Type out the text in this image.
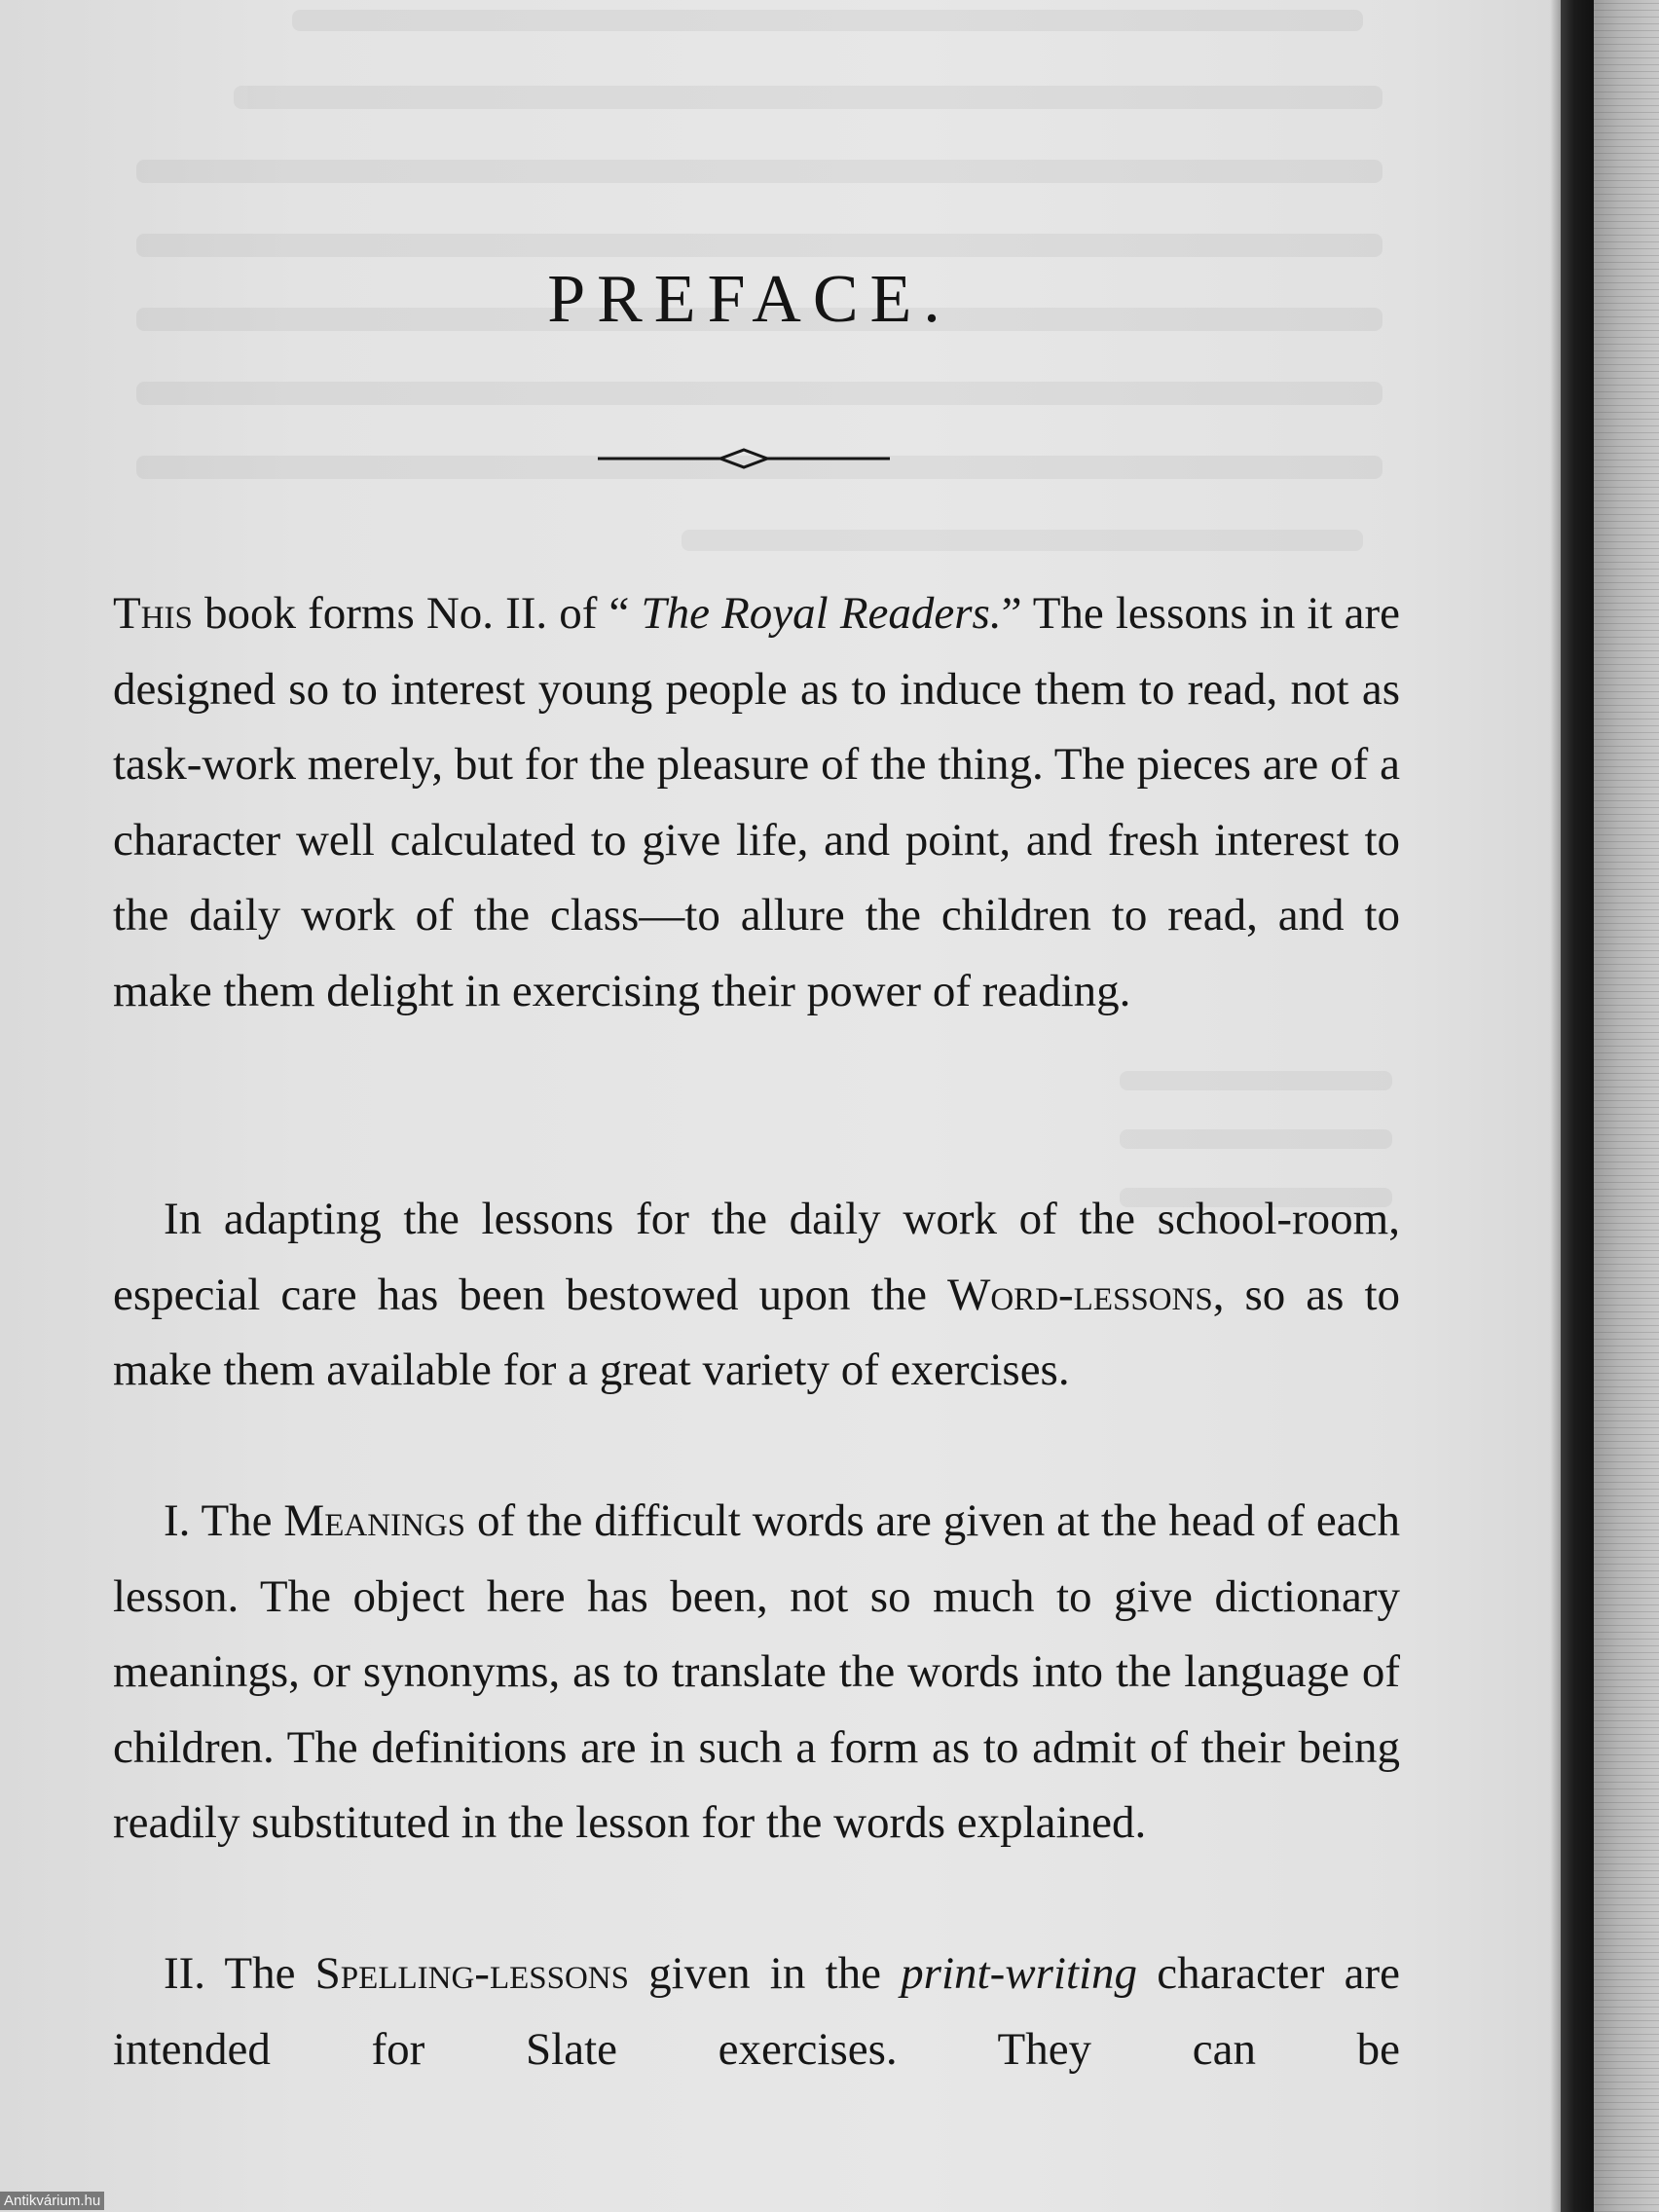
PREFACE.

This book forms No. II. of “ The Royal Readers.” The lessons in it are designed so to interest young people as to induce them to read, not as task-work merely, but for the pleasure of the thing. The pieces are of a character well calculated to give life, and point, and fresh interest to the daily work of the class—to allure the children to read, and to make them delight in exercising their power of reading.

In adapting the lessons for the daily work of the school-room, especial care has been bestowed upon the Word-lessons, so as to make them available for a great variety of exercises.

I. The Meanings of the difficult words are given at the head of each lesson. The object here has been, not so much to give dictionary meanings, or synonyms, as to translate the words into the language of children. The definitions are in such a form as to admit of their being readily substituted in the lesson for the words explained.

II. The Spelling-lessons given in the print-writing character are intended for Slate exercises. They can be

Antikvárium.hu
